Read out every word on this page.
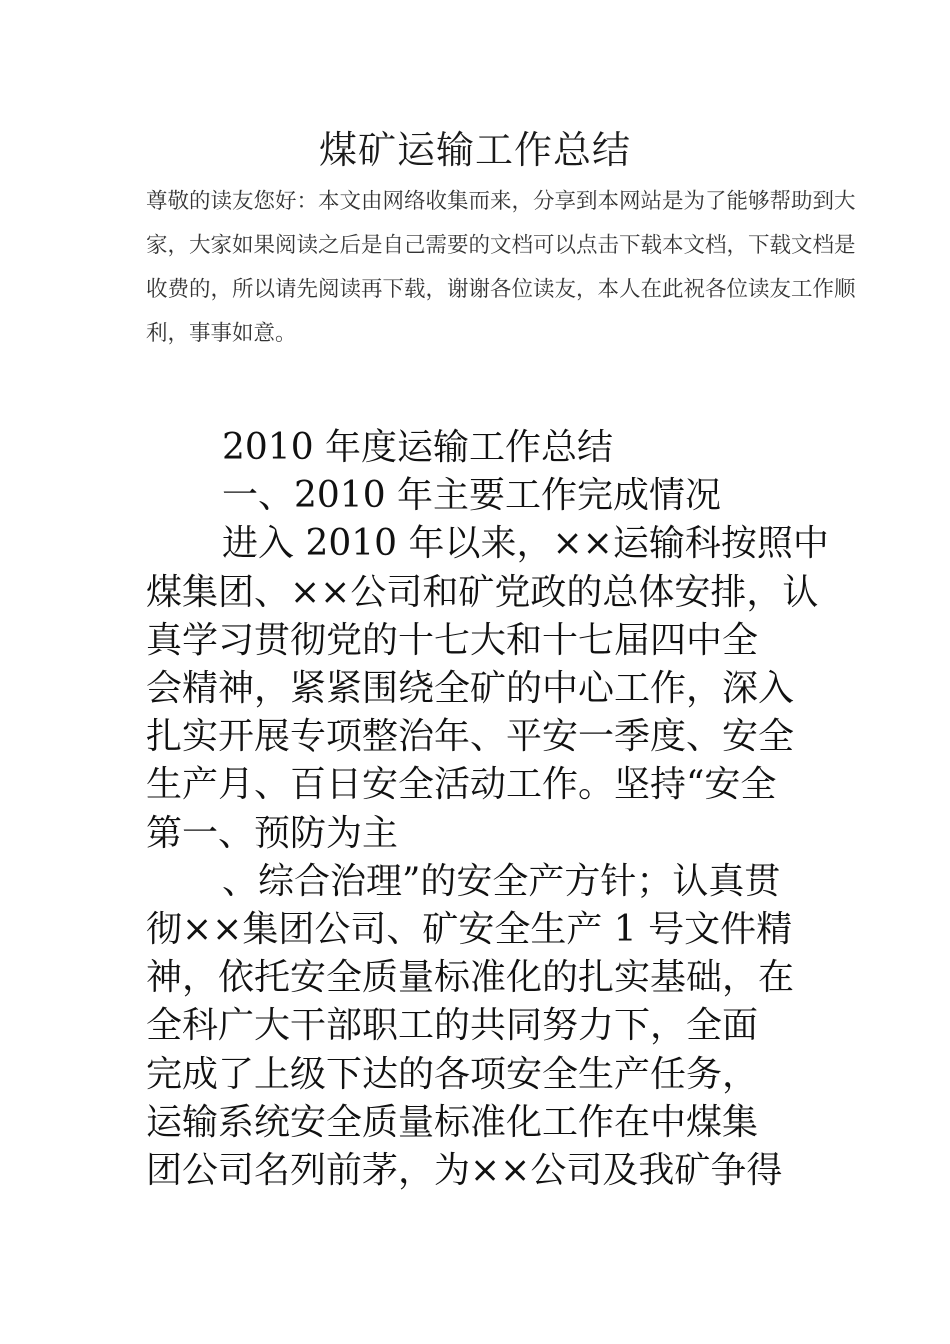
煤矿运输工作总结
尊敬的读友您好：本文由网络收集而来，分享到本网站是为了能够帮助到大
家，大家如果阅读之后是自己需要的文档可以点击下载本文档，下载文档是
收费的，所以请先阅读再下载，谢谢各位读友，本人在此祝各位读友工作顺
利，事事如意。
2010 年度运输工作总结
一、2010 年主要工作完成情况
进入 2010 年以来，××运输科按照中
煤集团、××公司和矿党政的总体安排，认
真学习贯彻党的十七大和十七届四中全
会精神，紧紧围绕全矿的中心工作，深入
扎实开展专项整治年、平安一季度、安全
生产月、百日安全活动工作。坚持“安全
第一、预防为主
、综合治理”的安全产方针；认真贯
彻××集团公司、矿安全生产 1 号文件精
神，依托安全质量标准化的扎实基础，在
全科广大干部职工的共同努力下，全面
完成了上级下达的各项安全生产任务，
运输系统安全质量标准化工作在中煤集
团公司名列前茅，为××公司及我矿争得
